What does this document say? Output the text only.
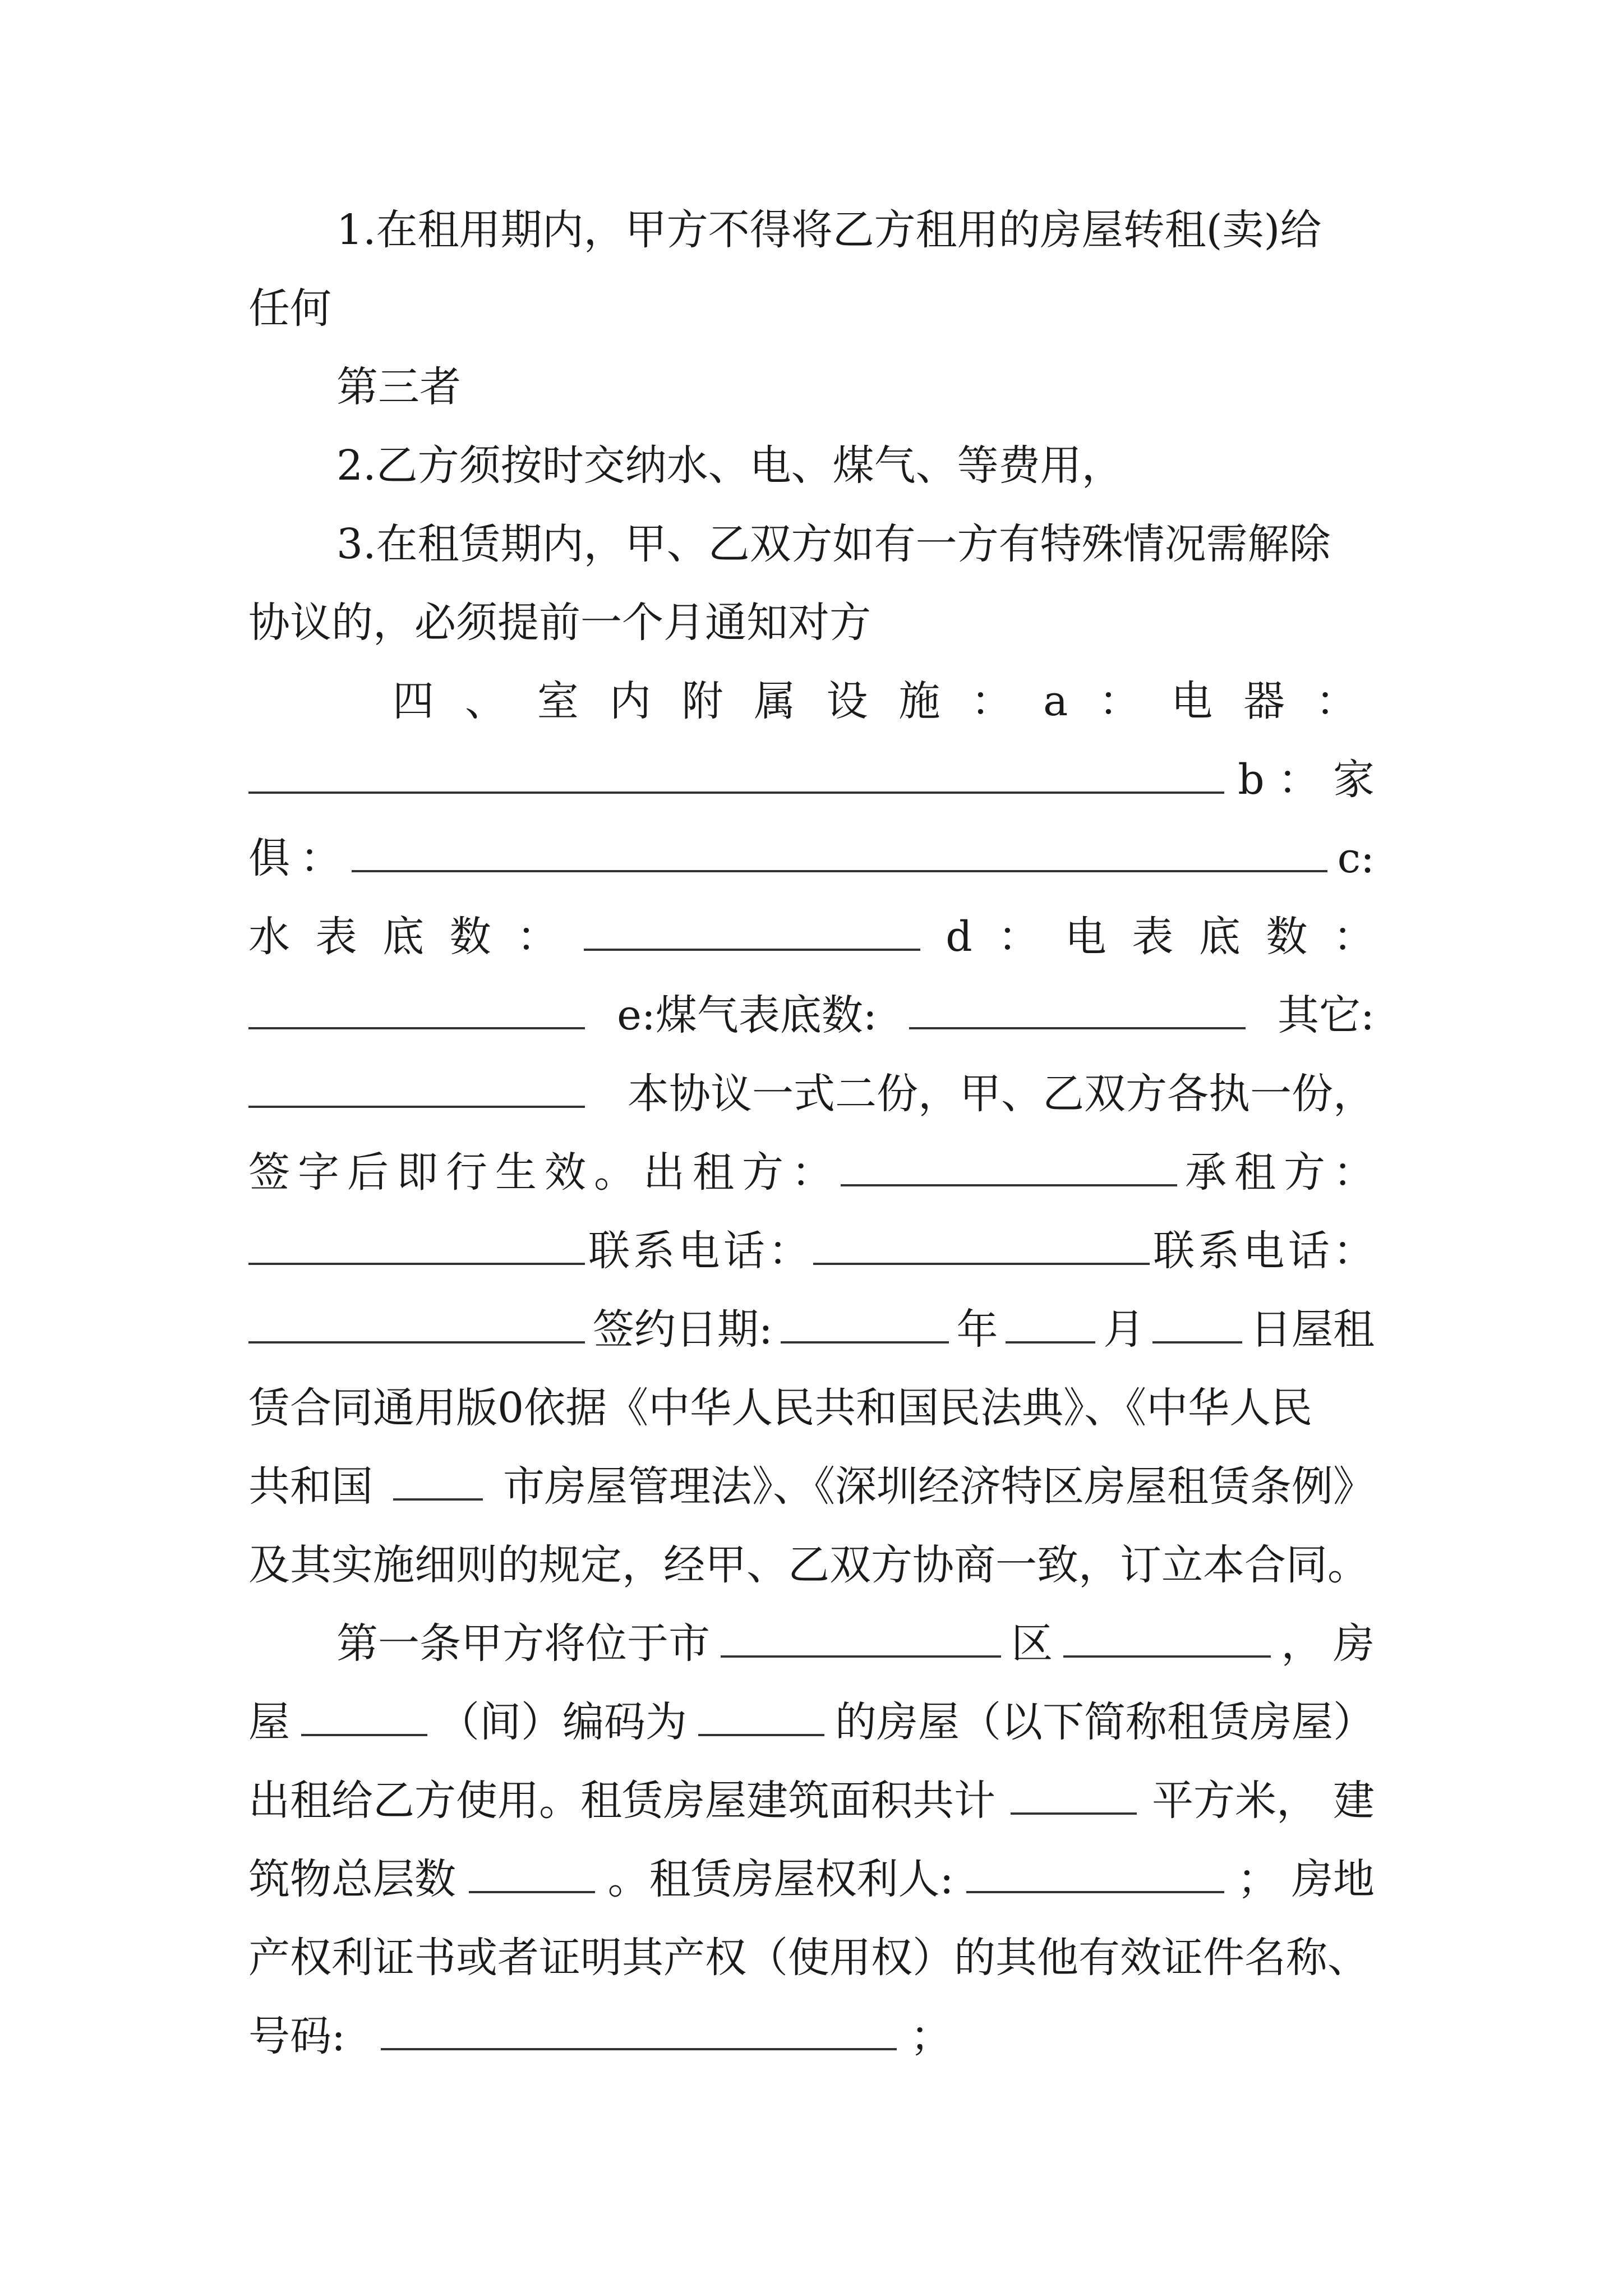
1.在租用期内，甲方不得将乙方租用的房屋转租(卖)给
任何
第三者
2.乙方须按时交纳水、电、煤气、等费用，
3.在租赁期内，甲、乙双方如有一方有特殊情况需解除
协议的，必须提前一个月通知对方
四 、 室 内 附 属 设 施 ： a ： 电 器 ：
b ： 家
俱 ：	c:
水 表 底 数 ：	d ： 电 表 底 数 ：
e:煤气表底数:	其它:
本协议一式二份，甲、乙双方各执一份，
签 字 后 即 行 生 效 。 出 租 方 ：	承 租 方 ：
联 系 电 话 ：	联 系 电 话 ：
签约日期:	年	月	日屋租
赁合同通用版0依据《中华人民共和国民法典》、《中华人民
共和国	市房屋管理法》、《深圳经济特区房屋租赁条例》
及其实施细则的规定，经甲、乙双方协商一致，订立本合同。
第一条甲方将位于市	区	， 房
屋	（间）编码为	的房屋（以下简称租赁房屋）
出租给乙方使用。租赁房屋建筑面积共计	平方米， 建
筑物总层数	。租赁房屋权利人:	； 房地
产权利证书或者证明其产权（使用权）的其他有效证件名称、
号码:	；
